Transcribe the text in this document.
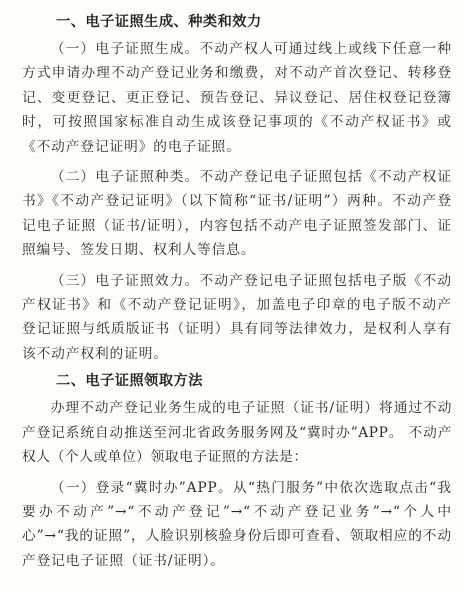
一、电子证照生成、种类和效力

（一）电子证照生成。不动产权人可通过线上或线下任意一种方式申请办理不动产登记业务和缴费，对不动产首次登记、转移登记、变更登记、更正登记、预告登记、异议登记、居住权登记登簿时，可按照国家标准自动生成该登记事项的《不动产权证书》或《不动产登记证明》的电子证照。

（二）电子证照种类。不动产登记电子证照包括《不动产权证书》《不动产登记证明》（以下简称“证书/证明”）两种。不动产登记电子证照（证书/证明），内容包括不动产电子证照签发部门、证照编号、签发日期、权利人等信息。

（三）电子证照效力。不动产登记电子证照包括电子版《不动产权证书》和《不动产登记证明》，加盖电子印章的电子版不动产登记证照与纸质版证书（证明）具有同等法律效力，是权利人享有该不动产权利的证明。

二、电子证照领取方法

办理不动产登记业务生成的电子证照（证书/证明）将通过不动产登记系统自动推送至河北省政务服务网及“冀时办”APP。 不动产权人（个人或单位）领取电子证照的方法是：

（一）登录“冀时办”APP。从“热门服务”中依次选取点击“我要办不动产”→“不动产登记”→“不动产登记业务”→“个人中心”→“我的证照”，人脸识别核验身份后即可查看、领取相应的不动产登记电子证照（证书/证明）。
